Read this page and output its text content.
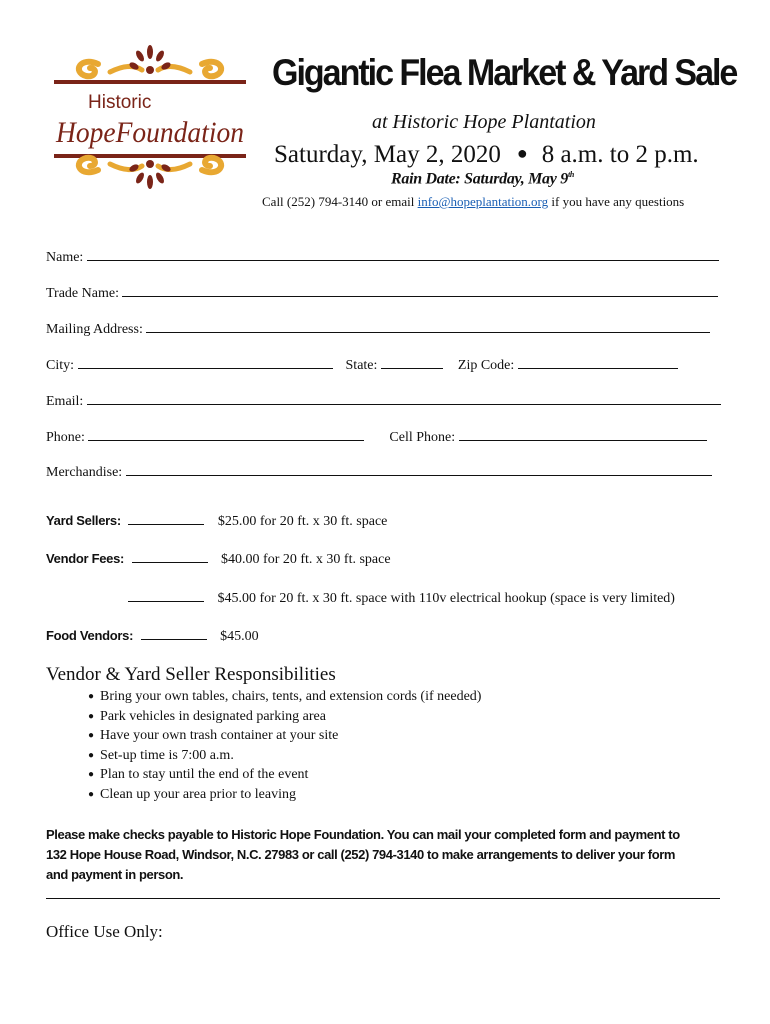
Historic
HopeFoundation
Gigantic Flea Market & Yard Sale
at Historic Hope Plantation
Saturday, May 2, 2020 ● 8 a.m. to 2 p.m.
Rain Date: Saturday, May 9th
Call (252) 794-3140 or email info@hopeplantation.org if you have any questions
Name:
Trade Name:
Mailing Address:
City:	State:	Zip Code:
Email:
Phone:	Cell Phone:
Merchandise:
Yard Sellers:	$25.00 for 20 ft. x 30 ft. space
Vendor Fees:	$40.00 for 20 ft. x 30 ft. space
$45.00 for 20 ft. x 30 ft. space with 110v electrical hookup (space is very limited)
Food Vendors:	$45.00
Vendor & Yard Seller Responsibilities
● Bring your own tables, chairs, tents, and extension cords (if needed)
● Park vehicles in designated parking area
● Have your own trash container at your site
● Set-up time is 7:00 a.m.
● Plan to stay until the end of the event
● Clean up your area prior to leaving
Please make checks payable to Historic Hope Foundation. You can mail your completed form and payment to
132 Hope House Road, Windsor, N.C. 27983 or call (252) 794-3140 to make arrangements to deliver your form
and payment in person.
Office Use Only:
